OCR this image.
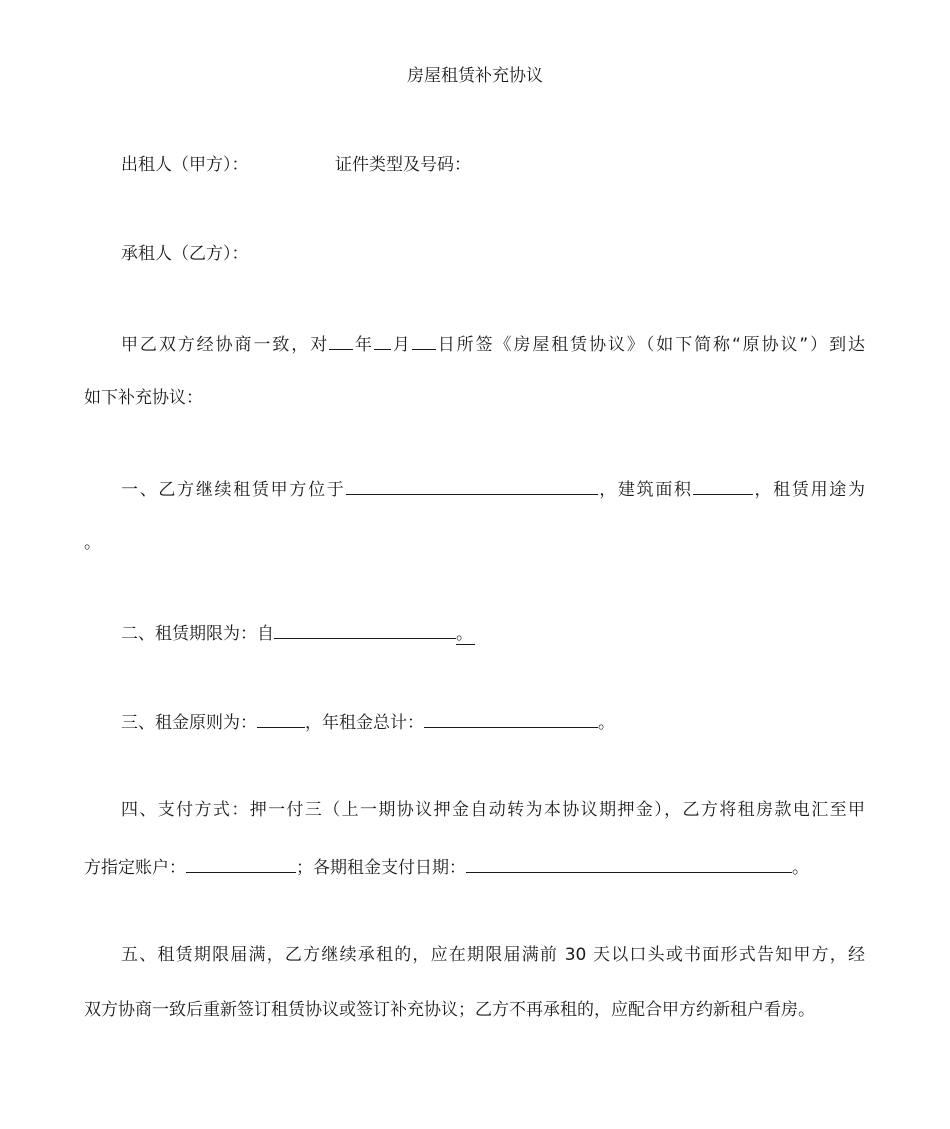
房屋租赁补充协议
出租人（甲方）：	证件类型及号码：
承租人（乙方）：
甲乙双方经协商一致，对 年 月 日所签《房屋租赁协议》（如下简称“原协议”）到达
如下补充协议：
一、乙方继续租赁甲方位于	，建筑面积	，租赁用途为
。
二、租赁期限为：自	。
三、租金原则为：	，年租金总计：	。
四、支付方式：押一付三（上一期协议押金自动转为本协议期押金），乙方将租房款电汇至甲
方指定账户：	；各期租金支付日期：	。
五、租赁期限届满，乙方继续承租的，应在期限届满前 30 天以口头或书面形式告知甲方，经
双方协商一致后重新签订租赁协议或签订补充协议；乙方不再承租的，应配合甲方约新租户看房。
